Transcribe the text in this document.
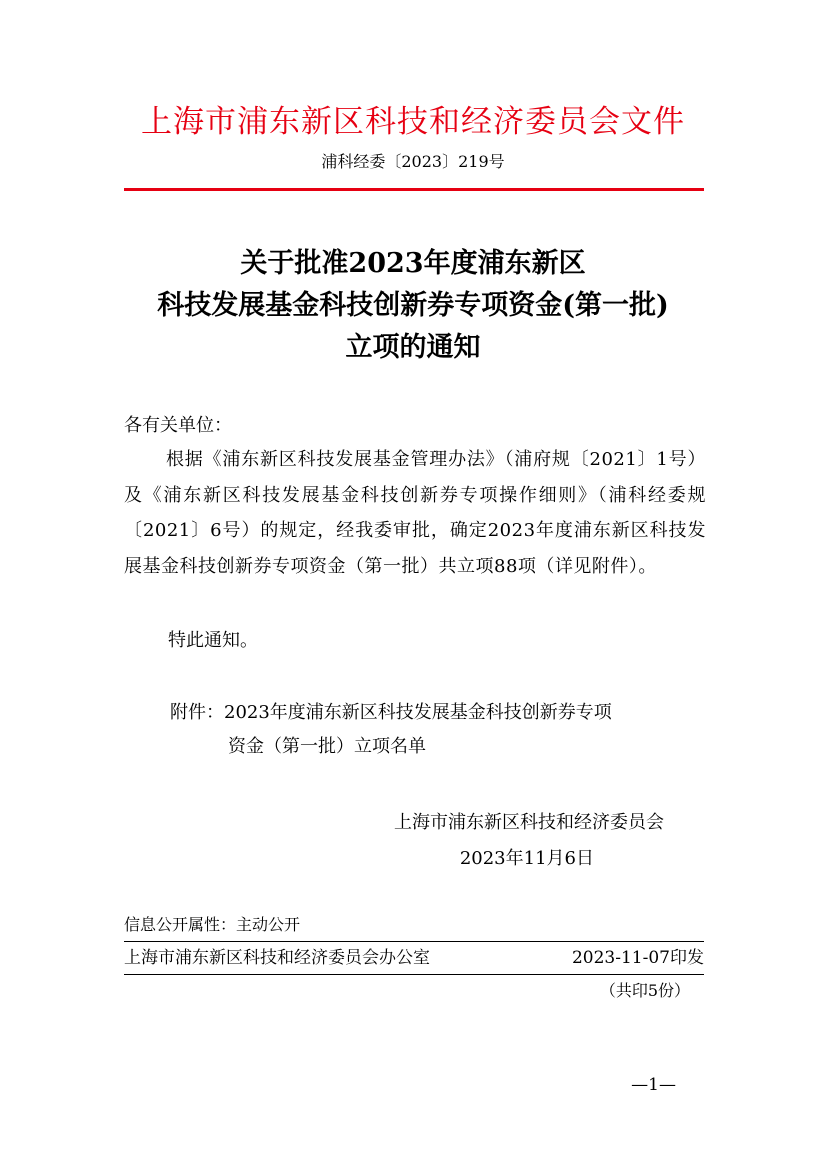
上海市浦东新区科技和经济委员会文件
浦科经委〔2023〕219号
关于批准2023年度浦东新区
科技发展基金科技创新券专项资金(第一批)
立项的通知
各有关单位：
根据《浦东新区科技发展基金管理办法》（浦府规〔2021〕1号）及《浦东新区科技发展基金科技创新券专项操作细则》（浦科经委规〔2021〕6号）的规定，经我委审批，确定2023年度浦东新区科技发展基金科技创新券专项资金（第一批）共立项88项（详见附件）。
特此通知。
附件：2023年度浦东新区科技发展基金科技创新券专项
资金（第一批）立项名单
上海市浦东新区科技和经济委员会
2023年11月6日
信息公开属性：主动公开
上海市浦东新区科技和经济委员会办公室	2023-11-07印发
（共印5份）
—1—
